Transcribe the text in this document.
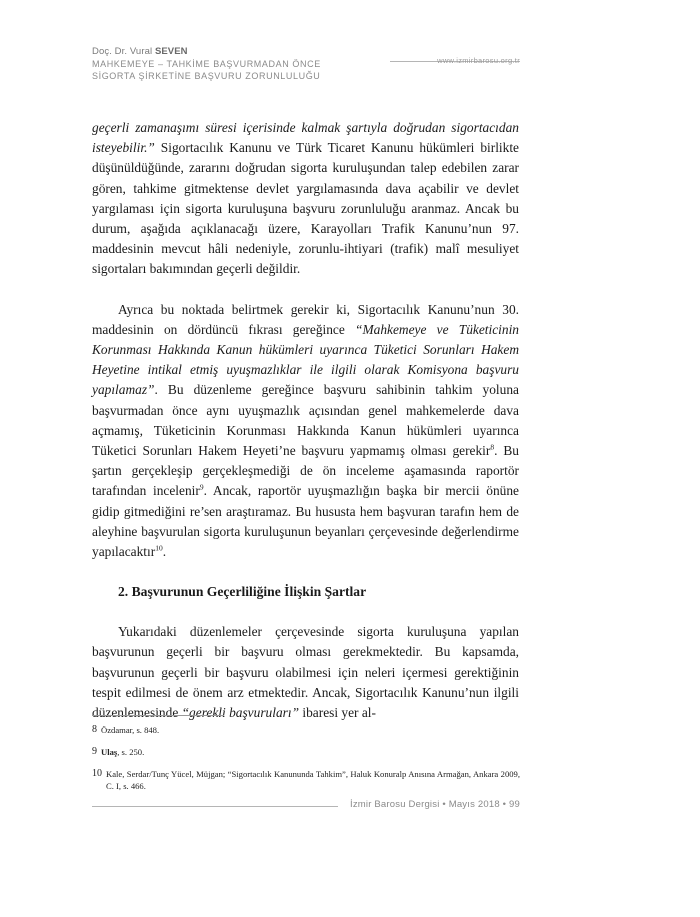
Doç. Dr. Vural SEVEN
MAHKEMEYE – TAHKİME BAŞVURMADAN ÖNCE
SİGORTA ŞİRKETİNE BAŞVURU ZORUNLULUĞU
www.izmirbarosu.org.tr

geçerli zamanaşımı süresi içerisinde kalmak şartıyla doğrudan sigortacıdan isteyebilir.” Sigortacılık Kanunu ve Türk Ticaret Kanunu hükümleri birlikte düşünüldüğünde, zararını doğrudan sigorta kuruluşundan talep edebilen zarar gören, tahkime gitmektense devlet yargılamasında dava açabilir ve devlet yargılaması için sigorta kuruluşuna başvuru zorunluluğu aranmaz. Ancak bu durum, aşağıda açıklanacağı üzere, Karayolları Trafik Kanunu’nun 97. maddesinin mevcut hâli nedeniyle, zorunlu-ihtiyari (trafik) malî mesuliyet sigortaları bakımından geçerli değildir.

Ayrıca bu noktada belirtmek gerekir ki, Sigortacılık Kanunu’nun 30. maddesinin on dördüncü fıkrası gereğince “Mahkemeye ve Tüketicinin Korunması Hakkında Kanun hükümleri uyarınca Tüketici Sorunları Hakem Heyetine intikal etmiş uyuşmazlıklar ile ilgili olarak Komisyona başvuru yapılamaz”. Bu düzenleme gereğince başvuru sahibinin tahkim yoluna başvurmadan önce aynı uyuşmazlık açısından genel mahkemelerde dava açmamış, Tüketicinin Korunması Hakkında Kanun hükümleri uyarınca Tüketici Sorunları Hakem Heyeti’ne başvuru yapmamış olması gerekir$^8$. Bu şartın gerçekleşip gerçekleşmediği de ön inceleme aşamasında raportör tarafından incelenir$^9$. Ancak, raportör uyuşmazlığın başka bir mercii önüne gidip gitmediğini re’sen araştıramaz. Bu hususta hem başvuran tarafın hem de aleyhine başvurulan sigorta kuruluşunun beyanları çerçevesinde değerlendirme yapılacaktır$^{10}$.

2. Başvurunun Geçerliliğine İlişkin Şartlar

Yukarıdaki düzenlemeler çerçevesinde sigorta kuruluşuna yapılan başvurunun geçerli bir başvuru olması gerekmektedir. Bu kapsamda, başvurunun geçerli bir başvuru olabilmesi için neleri içermesi gerektiğinin tespit edilmesi de önem arz etmektedir. Ancak, Sigortacılık Kanunu’nun ilgili düzenlemesinde “gerekli başvuruları” ibaresi yer al-

8 Özdamar, s. 848.
9 Ulaş, s. 250.
10 Kale, Serdar/Tunç Yücel, Müjgan; “Sigortacılık Kanununda Tahkim”, Haluk Konuralp Anısına Armağan, Ankara 2009, C. I, s. 466.
İzmir Barosu Dergisi • Mayıs 2018 • 99
